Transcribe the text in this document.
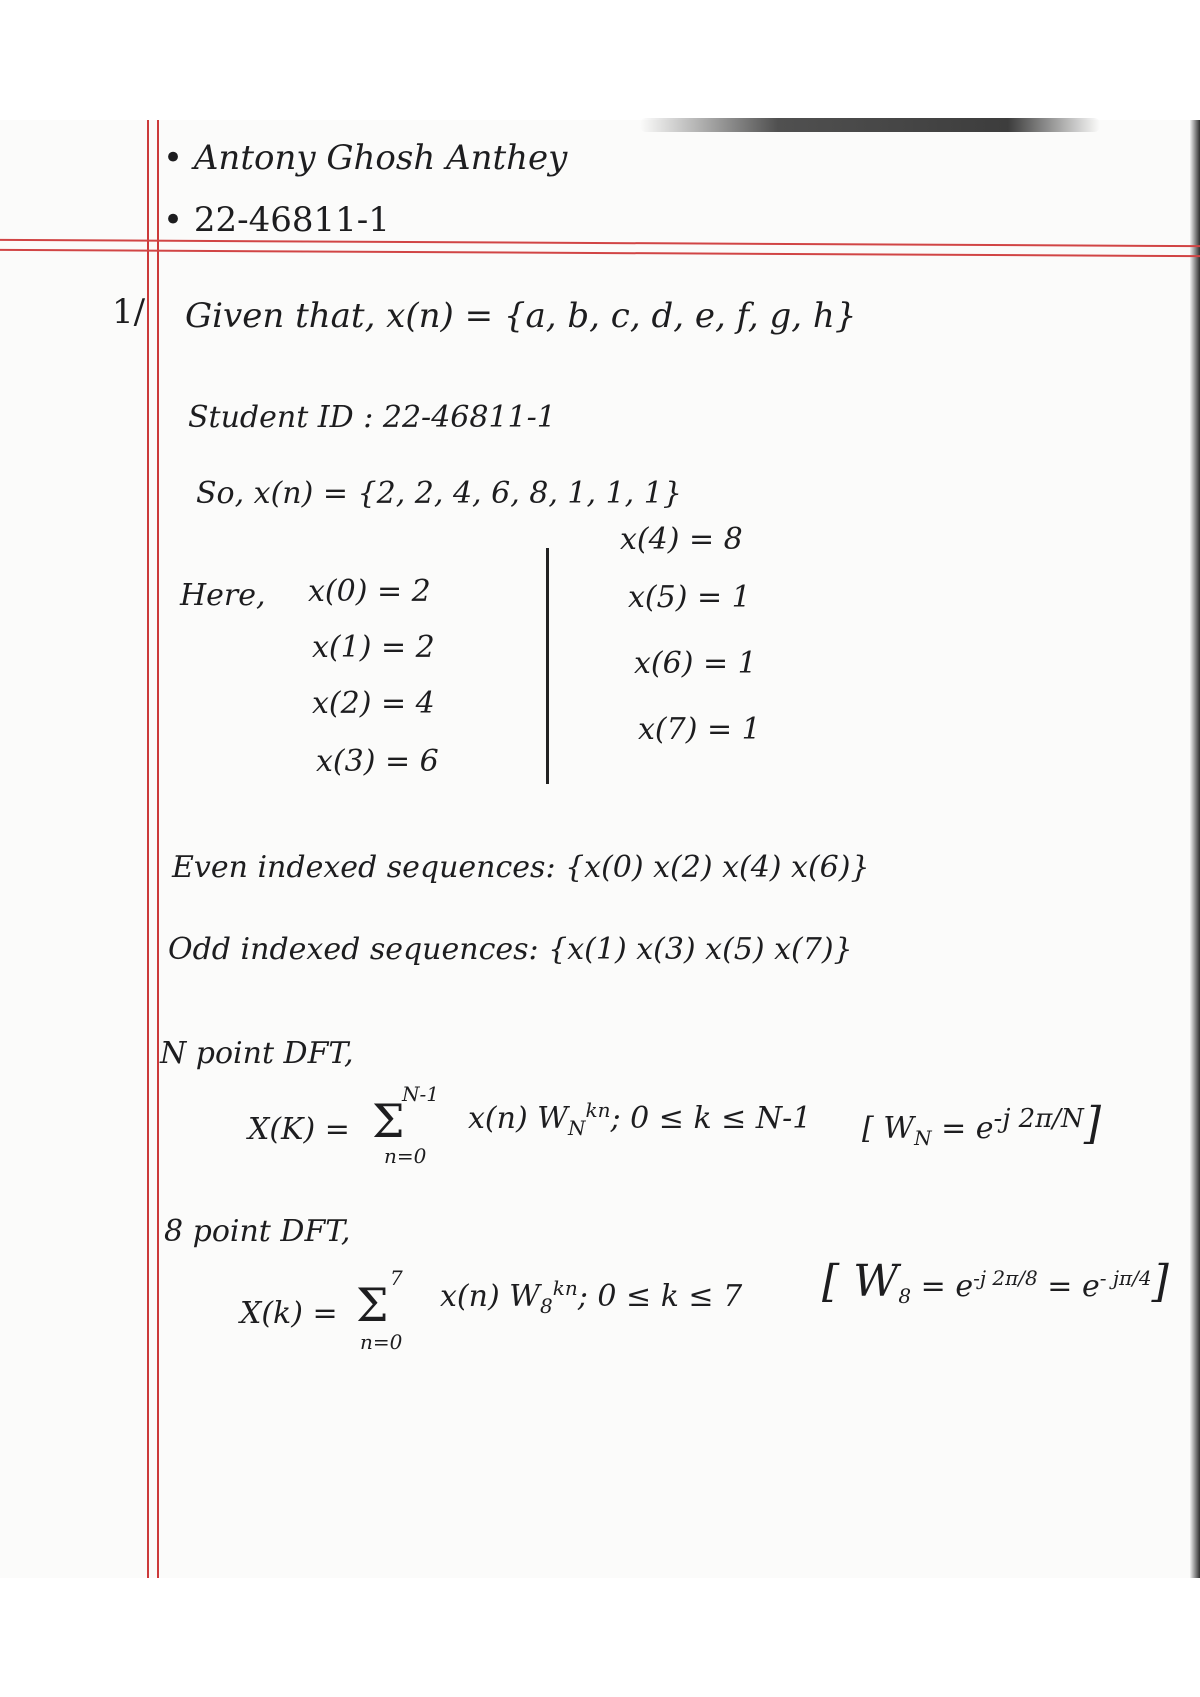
• Antony Ghosh Anthey
• 22-46811-1
1/ Given that, x(n) = {a, b, c, d, e, f, g, h}
Student ID : 22-46811-1
So, x(n) = {2, 2, 4, 6, 8, 1, 1, 1}
Here, x(0) = 2
x(1) = 2
x(2) = 4
x(3) = 6
x(4) = 8
x(5) = 1
x(6) = 1
x(7) = 1
Even indexed sequences: {x(0) x(2) x(4) x(6)}
Odd indexed sequences: {x(1) x(3) x(5) x(7)}
N point DFT,
X(K) =
N-1
Σ
n=0
x(n) $W_N^{kn}$; 0 ≤ k ≤ N-1 [ $W_N = e^{-j 2\pi/N}$]
8 point DFT,
X(k) =
7
Σ
n=0
x(n) $W_8^{kn}$; 0 ≤ k ≤ 7 [ $W_8 = e^{-j 2\pi/8} = e^{- j\pi/4}$]
